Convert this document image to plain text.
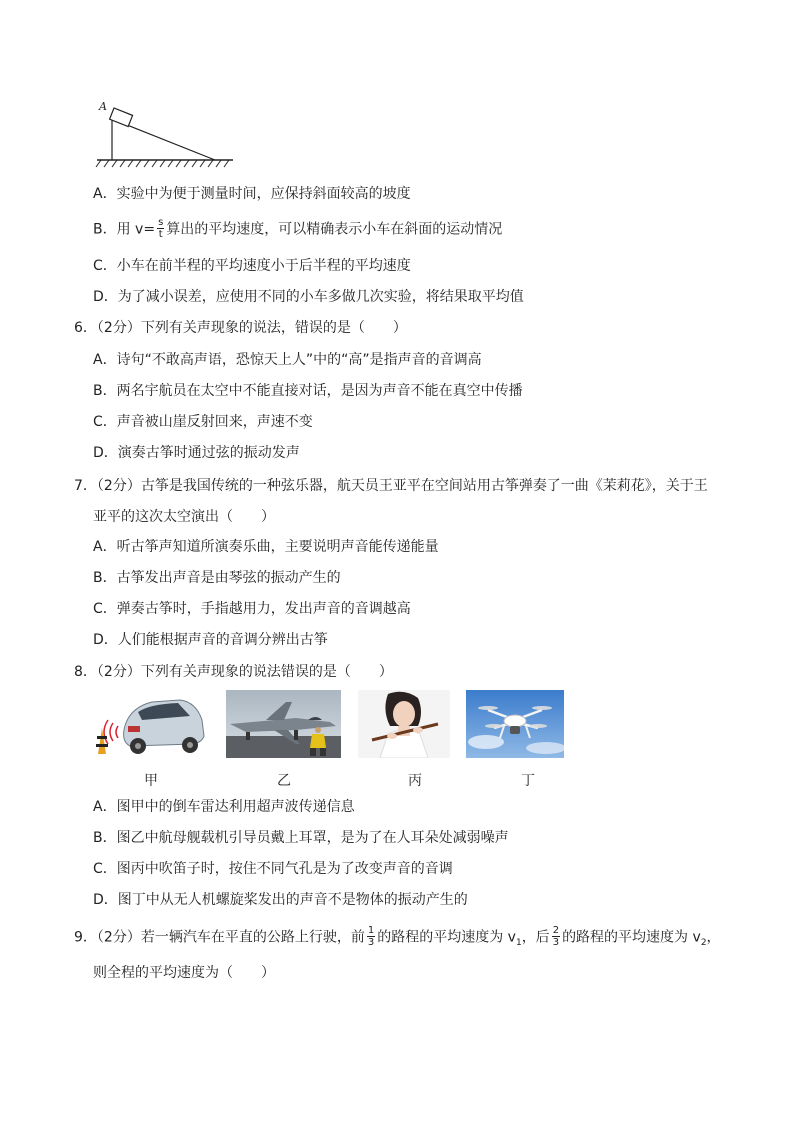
A
A．实验中为便于测量时间，应保持斜面较高的坡度
B．用 $v= \frac{s}{t}$ 算出的平均速度，可以精确表示小车在斜面的运动情况
C．小车在前半程的平均速度小于后半程的平均速度
D．为了减小误差，应使用不同的小车多做几次实验，将结果取平均值
6．（2分）下列有关声现象的说法，错误的是（　　）
A．诗句“不敢高声语，恐惊天上人”中的“高”是指声音的音调高
B．两名宇航员在太空中不能直接对话，是因为声音不能在真空中传播
C．声音被山崖反射回来，声速不变
D．演奏古筝时通过弦的振动发声
7．（2分）古筝是我国传统的一种弦乐器，航天员王亚平在空间站用古筝弹奏了一曲《茉莉花》，关于王
亚平的这次太空演出（　　）
A．听古筝声知道所演奏乐曲，主要说明声音能传递能量
B．古筝发出声音是由琴弦的振动产生的
C．弹奏古筝时，手指越用力，发出声音的音调越高
D．人们能根据声音的音调分辨出古筝
8．（2分）下列有关声现象的说法错误的是（　　）
甲	乙	丙	丁
A．图甲中的倒车雷达利用超声波传递信息
B．图乙中航母舰载机引导员戴上耳罩，是为了在人耳朵处减弱噪声
C．图丙中吹笛子时，按住不同气孔是为了改变声音的音调
D．图丁中从无人机螺旋桨发出的声音不是物体的振动产生的
9．（2分）若一辆汽车在平直的公路上行驶，前 $\frac{1}{3}$ 的路程的平均速度为 $v_1$，后 $\frac{2}{3}$ 的路程的平均速度为 $v_2$，
则全程的平均速度为（　　）
